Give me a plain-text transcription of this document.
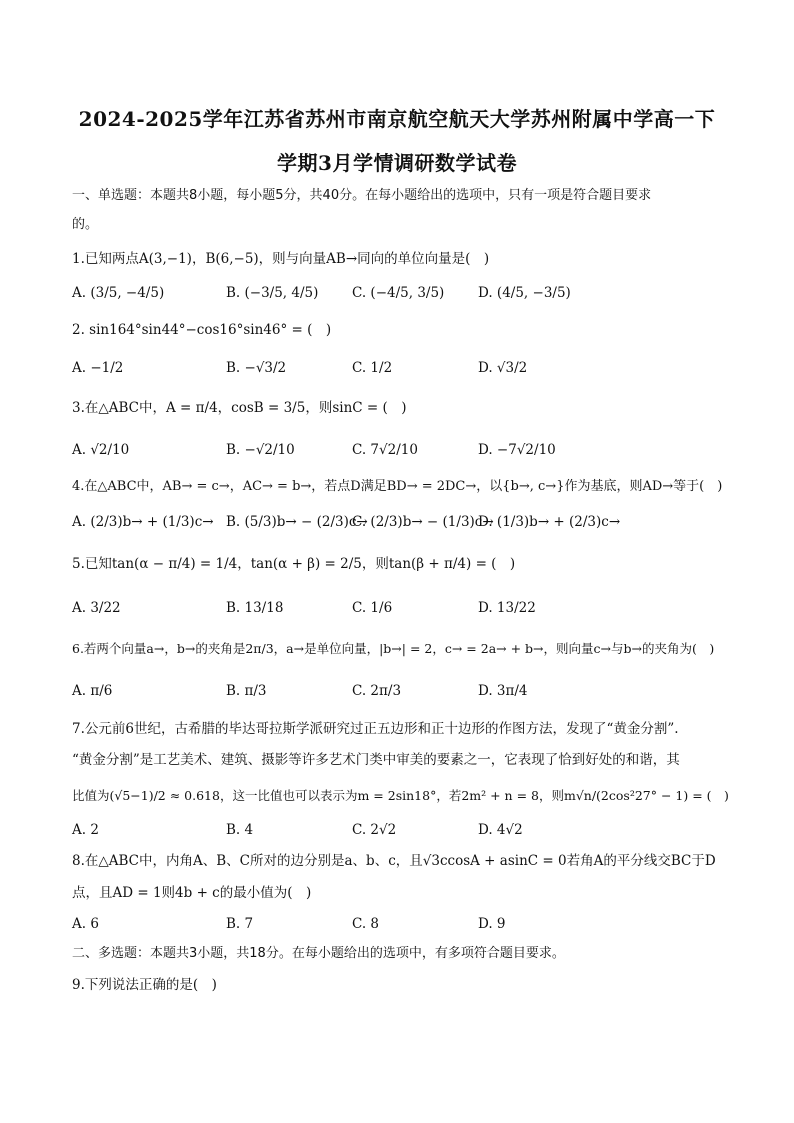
2024-2025学年江苏省苏州市南京航空航天大学苏州附属中学高一下
学期3月学情调研数学试卷
一、单选题：本题共8小题，每小题5分，共40分。在每小题给出的选项中，只有一项是符合题目要求
的。
1.已知两点A(3,−1)，B(6,−5)，则与向量AB→同向的单位向量是(　)
A. (3/5, −4/5)	B. (−3/5, 4/5) C. (−4/5, 3/5) D. (4/5, −3/5)
2. sin164°sin44°−cos16°sin46° = (　)
A. −1/2	B. −√3/2	C. 1/2	D. √3/2
3.在△ABC中，A = π/4，cosB = 3/5，则sinC = (　)
A. √2/10	B. −√2/10	C. 7√2/10	D. −7√2/10
4.在△ABC中，AB→ = c→，AC→ = b→，若点D满足BD→ = 2DC→，以{b→, c→}作为基底，则AD→等于(　)
A. (2/3)b→ + (1/3)c→ B. (5/3)b→ − (2/3)c→
C. (2/3)b→ − (1/3)c→
D. (1/3)b→ + (2/3)c→
5.已知tan(α − π/4) = 1/4，tan(α + β) = 2/5，则tan(β + π/4) = (　)
A. 3/22	B. 13/18	C. 1/6	D. 13/22
6.若两个向量a→，b→的夹角是2π/3，a→是单位向量，|b→| = 2，c→ = 2a→ + b→，则向量c→与b→的夹角为(　)
A. π/6	B. π/3	C. 2π/3	D. 3π/4
7.公元前6世纪，古希腊的毕达哥拉斯学派研究过正五边形和正十边形的作图方法，发现了“黄金分割”.
“黄金分割”是工艺美术、建筑、摄影等许多艺术门类中审美的要素之一，它表现了恰到好处的和谐，其
比值为(√5−1)/2 ≈ 0.618，这一比值也可以表示为m = 2sin18°，若2m² + n = 8，则m√n/(2cos²27° − 1) = (　)
A. 2	B. 4	C. 2√2	D. 4√2
8.在△ABC中，内角A、B、C所对的边分别是a、b、c，且√3ccosA + asinC = 0若角A的平分线交BC于D
点，且AD = 1则4b + c的最小值为(　)
A. 6	B. 7	C. 8	D. 9
二、多选题：本题共3小题，共18分。在每小题给出的选项中，有多项符合题目要求。
9.下列说法正确的是(　)
